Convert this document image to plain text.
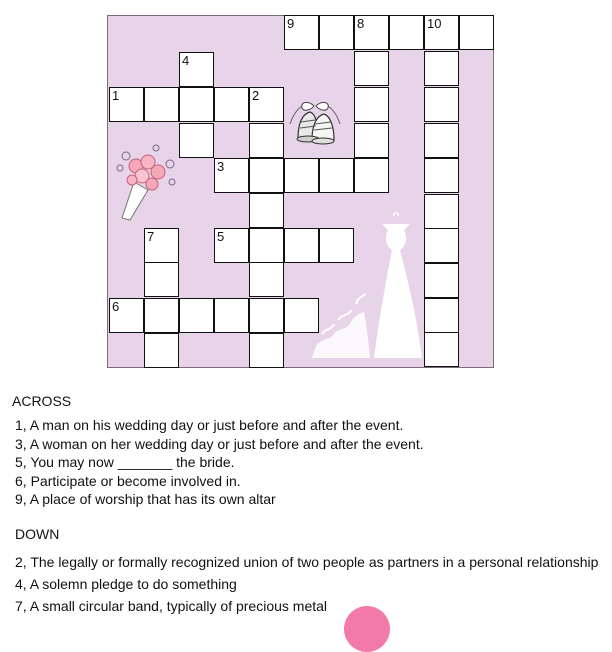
9	8	10
4
1	2
3
7	5
6
ACROSS
1, A man on his wedding day or just before and after the event.
3, A woman on her wedding day or just before and after the event.
5, You may now _______ the bride.
6, Participate or become involved in.
9, A place of worship that has its own altar
DOWN
2, The legally or formally recognized union of two people as partners in a personal relationship
4, A solemn pledge to do something
7, A small circular band, typically of precious metal
